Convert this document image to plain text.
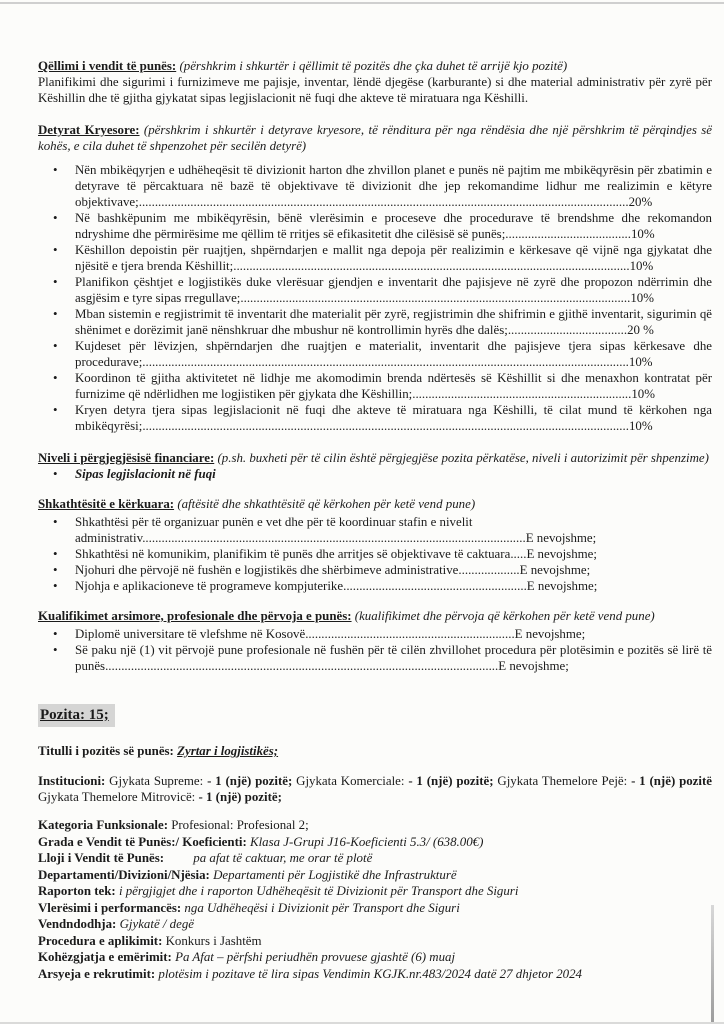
Qëllimi i vendit të punës: (përshkrim i shkurtër i qëllimit të pozitës dhe çka duhet të arrijë kjo pozitë)

Planifikimi dhe sigurimi i furnizimeve me pajisje, inventar, lëndë djegëse (karburante) si dhe material administrativ për zyrë për Këshillin dhe të gjitha gjykatat sipas legjislacionit në fuqi dhe akteve të miratuara nga Këshilli.

Detyrat Kryesore: (përshkrim i shkurtër i detyrave kryesore, të rënditura për nga rëndësia dhe një përshkrim të përqindjes së kohës, e cila duhet të shpenzohet për secilën detyrë)

• Nën mbikëqyrjen e udhëheqësit të divizionit harton dhe zhvillon planet e punës në pajtim me mbikëqyrësin për zbatimin e detyrave të përcaktuara në bazë të objektivave të divizionit dhe jep rekomandime lidhur me realizimin e këtyre objektivave;........................................................................................................................................................20%
• Në bashkëpunim me mbikëqyrësin, bënë vlerësimin e proceseve dhe procedurave të brendshme dhe rekomandon ndryshime dhe përmirësime me qëllim të rritjes së efikasitetit dhe cilësisë së punës;.......................................10%
• Këshillon depoistin për ruajtjen, shpërndarjen e mallit nga depoja për realizimin e kërkesave që vijnë nga gjykatat dhe njësitë e tjera brenda Këshillit;...........................................................................................................................10%
• Planifikon çështjet e logjistikës duke vlerësuar gjendjen e inventarit dhe pajisjeve në zyrë dhe propozon ndërrimin dhe asgjësim e tyre sipas rregullave;.........................................................................................................................10%
• Mban sistemin e regjistrimit të inventarit dhe materialit për zyrë, regjistrimin dhe shifrimin e gjithë inventarit, sigurimin që shënimet e dorëzimit janë nënshkruar dhe mbushur në kontrollimin hyrës dhe dalës;.....................................20 %
• Kujdeset për lëvizjen, shpërndarjen dhe ruajtjen e materialit, inventarit dhe pajisjeve tjera sipas kërkesave dhe procedurave;.......................................................................................................................................................10%
• Koordinon të gjitha aktivitetet në lidhje me akomodimin brenda ndërtesës së Këshillit si dhe menaxhon kontratat për furnizime që ndërlidhen me logjistiken për gjykata dhe Këshillin;....................................................................10%
• Kryen detyra tjera sipas legjislacionit në fuqi dhe akteve të miratuara nga Këshilli, të cilat mund të kërkohen nga mbikëqyrësi;.......................................................................................................................................................10%

Niveli i përgjegjësisë financiare: (p.sh. buxheti për të cilin është përgjegjëse pozita përkatëse, niveli i autorizimit për shpenzime)

• Sipas legjislacionit në fuqi

Shkathtësitë e kërkuara: (aftësitë dhe shkathtësitë që kërkohen për ketë vend pune)

• Shkathtësi për të organizuar punën e vet dhe për të koordinuar stafin e nivelit
administrativ.......................................................................................................................E nevojshme;
• Shkathtësi në komunikim, planifikim të punës dhe arritjes së objektivave të caktuara.....E nevojshme;
• Njohuri dhe përvojë në fushën e logjistikës dhe shërbimeve administrative...................E nevojshme;
• Njohja e aplikacioneve të programeve kompjuterike.........................................................E nevojshme;

Kualifikimet arsimore, profesionale dhe përvoja e punës: (kualifikimet dhe përvoja që kërkohen për ketë vend pune)

• Diplomë universitare të vlefshme në Kosovë.................................................................E nevojshme;
• Së paku një (1) vit përvojë pune profesionale në fushën për të cilën zhvillohet procedura për plotësimin e pozitës së lirë të punës..........................................................................................................................E nevojshme;
Pozita: 15;

Titulli i pozitës së punës: Zyrtar i logjistikës;

Institucioni: Gjykata Supreme: - 1 (një) pozitë; Gjykata Komerciale: - 1 (një) pozitë; Gjykata Themelore Pejë: - 1 (një) pozitë Gjykata Themelore Mitrovicë: - 1 (një) pozitë;

Kategoria Funksionale: Profesional: Profesional 2;
Grada e Vendit të Punës:/ Koeficienti: Klasa J-Grupi J16-Koeficienti 5.3/ (638.00€)
Lloji i Vendit të Punës: pa afat të caktuar, me orar të plotë
Departamenti/Divizioni/Njësia: Departamenti për Logjistikë dhe Infrastrukturë
Raporton tek: i përgjigjet dhe i raporton Udhëheqësit të Divizionit për Transport dhe Siguri
Vlerësimi i performancës: nga Udhëheqësi i Divizionit për Transport dhe Siguri
Vendndodhja: Gjykatë / degë
Procedura e aplikimit: Konkurs i Jashtëm
Kohëzgjatja e emërimit: Pa Afat – përfshi periudhën provuese gjashtë (6) muaj
Arsyeja e rekrutimit: plotësim i pozitave të lira sipas Vendimin KGJK.nr.483/2024 datë 27 dhjetor 2024
